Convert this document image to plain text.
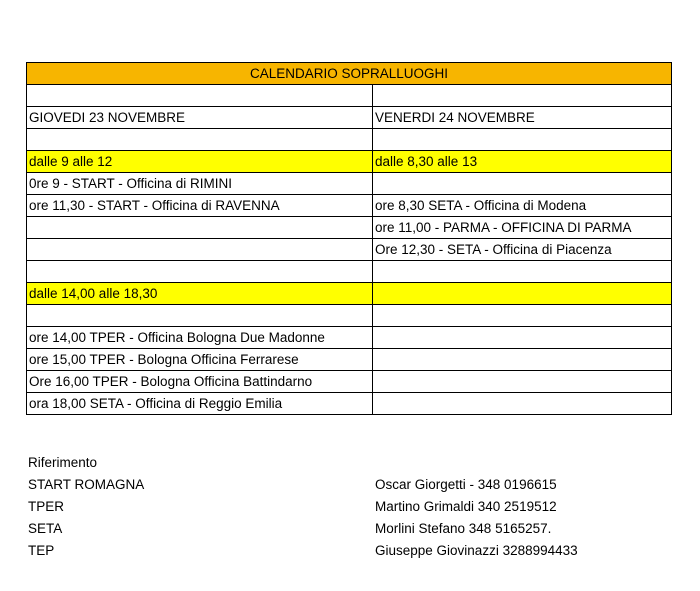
CALENDARIO SOPRALLUOGHI	

GIOVEDI 23 NOVEMBRE	VENERDI 24 NOVEMBRE

dalle 9 alle 12	dalle 8,30 alle 13
0re 9 - START - Officina di RIMINI	
ore 11,30 - START - Officina di RAVENNA	ore 8,30 SETA - Officina di Modena
	ore 11,00 - PARMA - OFFICINA DI PARMA
	Ore 12,30 - SETA - Officina di Piacenza

dalle 14,00 alle 18,30	

ore 14,00 TPER - Officina Bologna Due Madonne	
ore 15,00 TPER - Bologna Officina Ferrarese	
Ore 16,00 TPER - Bologna Officina Battindarno	
ora 18,00 SETA - Officina di Reggio Emilia	
Riferimento
START ROMAGNA	Oscar Giorgetti - 348 0196615
TPER	Martino Grimaldi 340 2519512
SETA	Morlini Stefano 348 5165257.
TEP	Giuseppe Giovinazzi 3288994433
